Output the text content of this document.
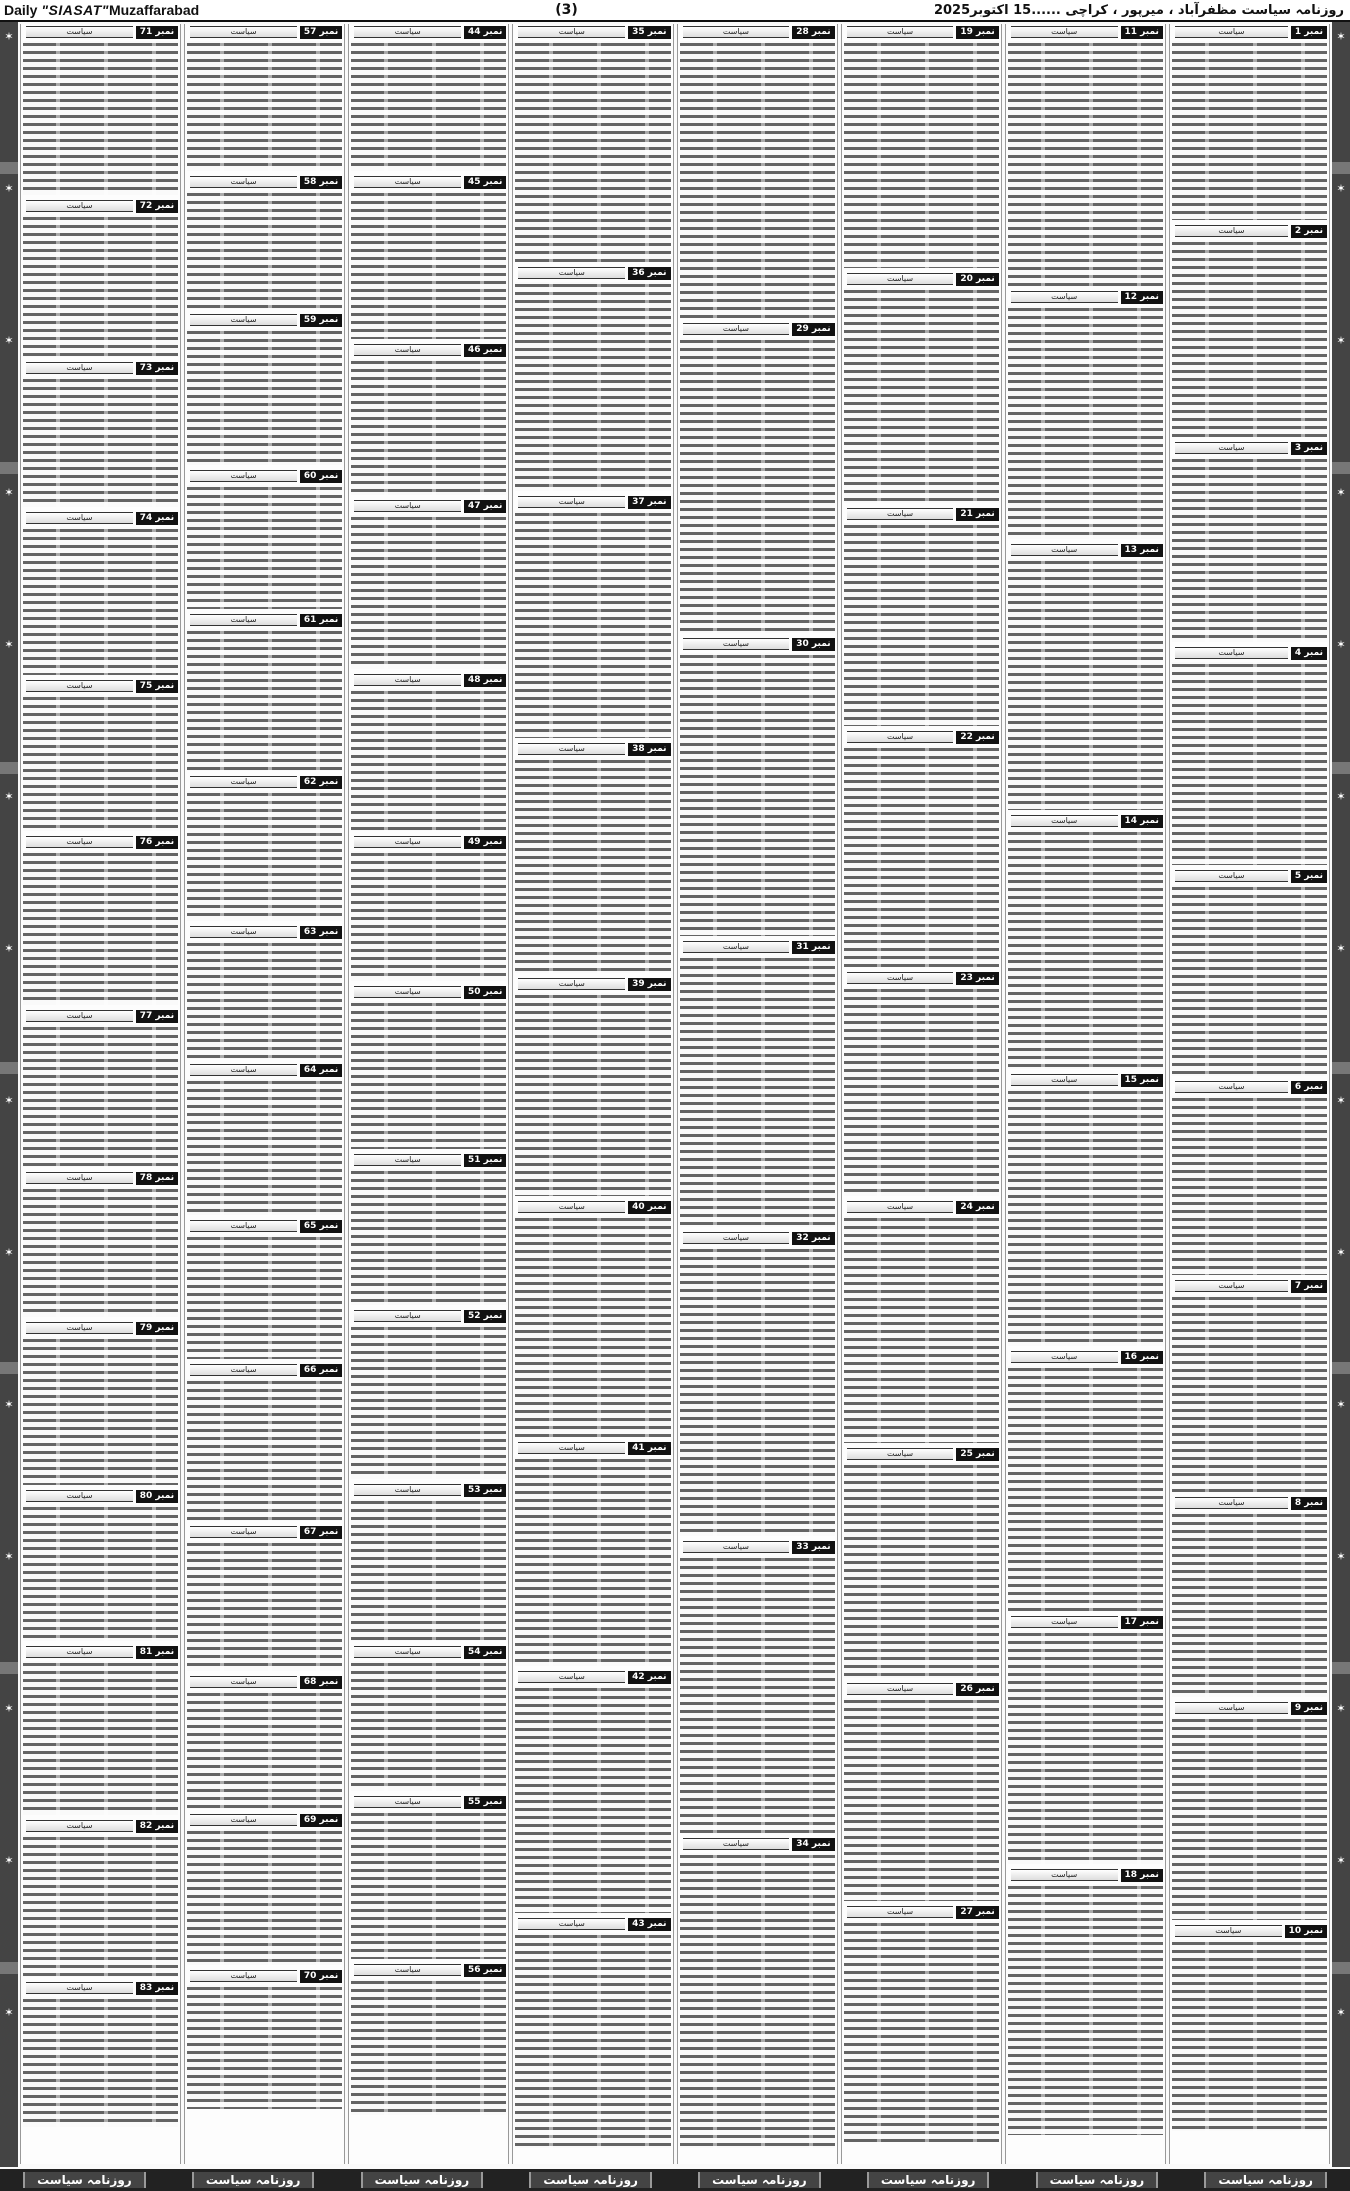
Daily "SIASAT"Muzaffarabad	(3)	روزنامہ سیاست مظفرآباد ، میرپور ، کراچی ......15 اکتوبر2025
✶
✶
✶
✶
✶
✶
✶
✶
✶
✶
✶
✶
✶
✶
✶
✶
✶
✶
✶
✶
✶
✶
✶
✶
✶
✶
✶
✶
نمبر 1
سیاست
نمبر 2
سیاست
نمبر 3
سیاست
نمبر 4
سیاست
نمبر 5
سیاست
نمبر 6
سیاست
نمبر 7
سیاست
نمبر 8
سیاست
نمبر 9
سیاست
نمبر 10
سیاست
نمبر 11
سیاست
نمبر 12
سیاست
نمبر 13
سیاست
نمبر 14
سیاست
نمبر 15
سیاست
نمبر 16
سیاست
نمبر 17
سیاست
نمبر 18
سیاست
نمبر 19
سیاست
نمبر 20
سیاست
نمبر 21
سیاست
نمبر 22
سیاست
نمبر 23
سیاست
نمبر 24
سیاست
نمبر 25
سیاست
نمبر 26
سیاست
نمبر 27
سیاست
نمبر 28
سیاست
نمبر 29
سیاست
نمبر 30
سیاست
نمبر 31
سیاست
نمبر 32
سیاست
نمبر 33
سیاست
نمبر 34
سیاست
نمبر 35
سیاست
نمبر 36
سیاست
نمبر 37
سیاست
نمبر 38
سیاست
نمبر 39
سیاست
نمبر 40
سیاست
نمبر 41
سیاست
نمبر 42
سیاست
نمبر 43
سیاست
نمبر 44
سیاست
نمبر 45
سیاست
نمبر 46
سیاست
نمبر 47
سیاست
نمبر 48
سیاست
نمبر 49
سیاست
نمبر 50
سیاست
نمبر 51
سیاست
نمبر 52
سیاست
نمبر 53
سیاست
نمبر 54
سیاست
نمبر 55
سیاست
نمبر 56
سیاست
نمبر 57
سیاست
نمبر 58
سیاست
نمبر 59
سیاست
نمبر 60
سیاست
نمبر 61
سیاست
نمبر 62
سیاست
نمبر 63
سیاست
نمبر 64
سیاست
نمبر 65
سیاست
نمبر 66
سیاست
نمبر 67
سیاست
نمبر 68
سیاست
نمبر 69
سیاست
نمبر 70
سیاست
نمبر 71
سیاست
نمبر 72
سیاست
نمبر 73
سیاست
نمبر 74
سیاست
نمبر 75
سیاست
نمبر 76
سیاست
نمبر 77
سیاست
نمبر 78
سیاست
نمبر 79
سیاست
نمبر 80
سیاست
نمبر 81
سیاست
نمبر 82
سیاست
نمبر 83
سیاست
روزنامہ سیاست	روزنامہ سیاست	روزنامہ سیاست	روزنامہ سیاست	روزنامہ سیاست	روزنامہ سیاست	روزنامہ سیاست	روزنامہ سیاست
